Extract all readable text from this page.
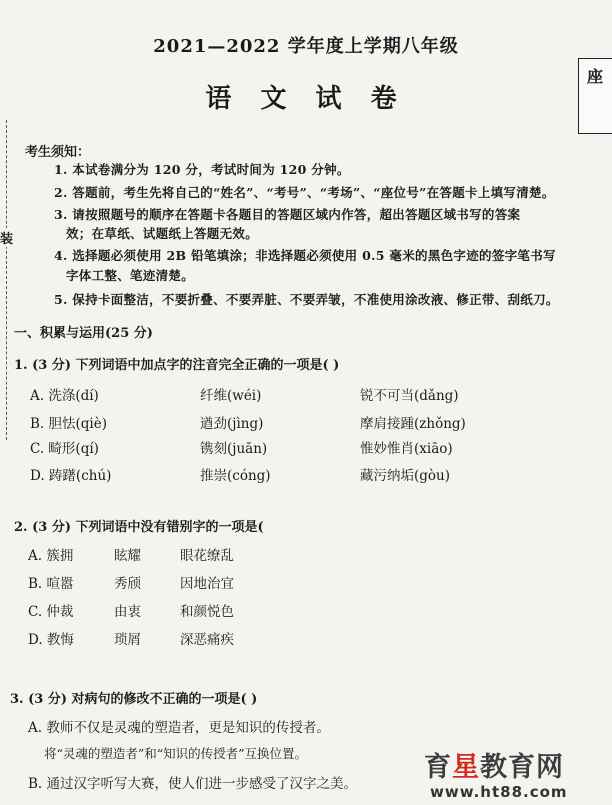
装
2021—2022 学年度上学期八年级
语 文 试 卷
座
考生须知：
1. 本试卷满分为 120 分，考试时间为 120 分钟。
2. 答题前，考生先将自己的“姓名”、“考号”、“考场”、“座位号”在答题卡上填写清楚。
3. 请按照题号的顺序在答题卡各题目的答题区域内作答，超出答题区域书写的答案
效；在草纸、试题纸上答题无效。
4. 选择题必须使用 2B 铅笔填涂；非选择题必须使用 0.5 毫米的黑色字迹的签字笔书写
字体工整、笔迹清楚。
5. 保持卡面整洁，不要折叠、不要弄脏、不要弄皱，不准使用涂改液、修正带、刮纸刀。
一、积累与运用(25 分)
1. (3 分) 下列词语中加点字的注音完全正确的一项是( )
A. 洗涤(dí)	纤维(wéi)	锐不可当(dǎng)
B. 胆怯(qiè)	遒劲(jìng)	摩肩接踵(zhǒng)
C. 畸形(qí)	镌刻(juān)	惟妙惟肖(xiāo)
D. 踌躇(chú)	推崇(cóng)	藏污纳垢(gòu)
2. (3 分) 下列词语中没有错别字的一项是(
A. 簇拥	眩耀	眼花缭乱
B. 喧嚣	秀颀	因地治宜
C. 仲裁	由衷	和颜悦色
D. 教悔	琐屑	深恶痛疾
3. (3 分) 对病句的修改不正确的一项是( )
A. 教师不仅是灵魂的塑造者，更是知识的传授者。
将“灵魂的塑造者”和“知识的传授者”互换位置。
B. 通过汉字听写大赛，使人们进一步感受了汉字之美。
育星教育网
www.ht88.com
